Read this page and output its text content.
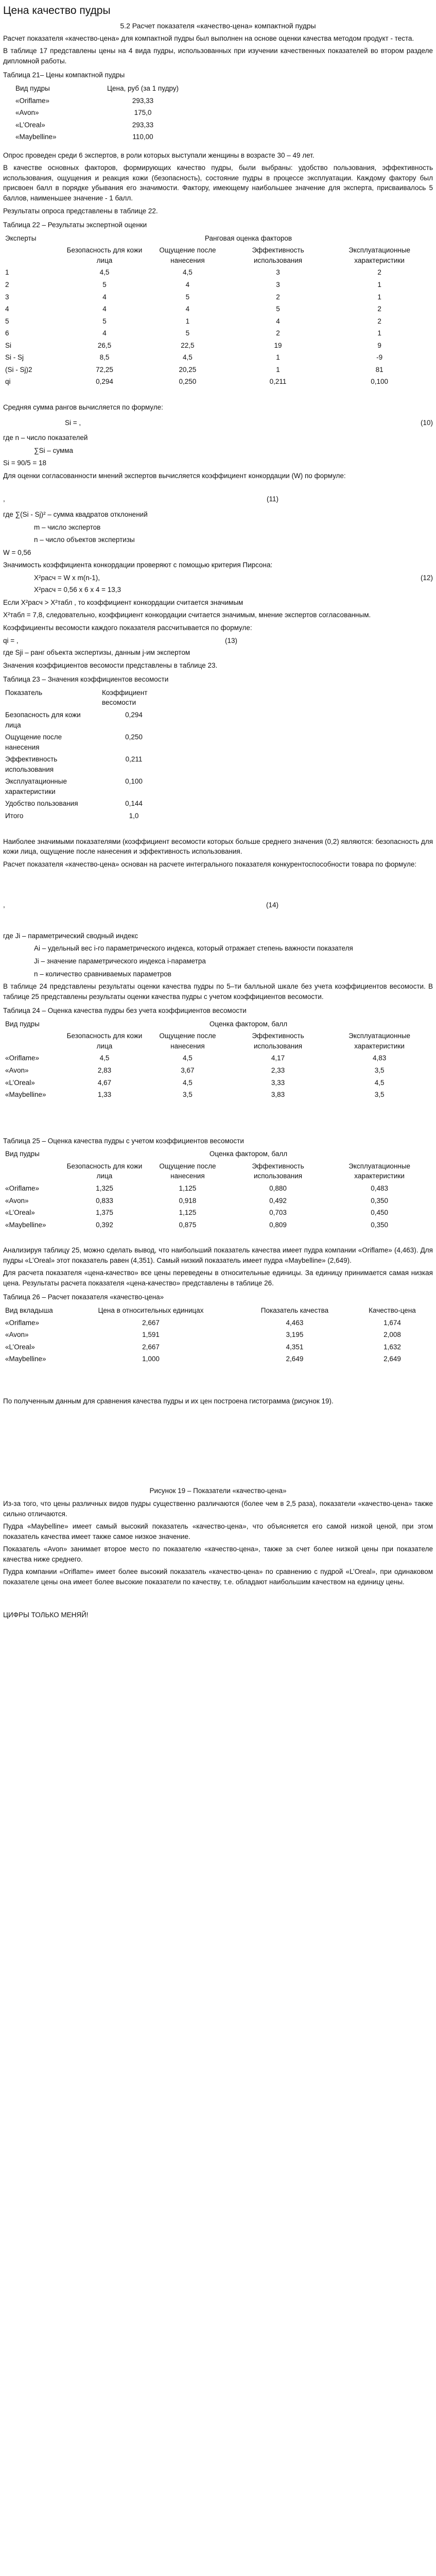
Цена качество пудры
5.2 Расчет показателя «качество-цена» компактной пудры

Расчет показателя «качество-цена» для компактной пудры был выполнен на основе оценки качества методом продукт - теста.

В таблице 17 представлены цены на 4 вида пудры, использованных при изучении качественных показателей во втором разделе дипломной работы.

Таблица 21– Цены компактной пудры

Вид пудры	Цена, руб (за 1 пудру)
«Oriflame»	293,33
«Avon»	175,0
«L’Oreal»	293,33
«Maybelline»	110,00

Опрос проведен среди 6 экспертов, в роли которых выступали женщины в возрасте 30 – 49 лет.

В качестве основных факторов, формирующих качество пудры, были выбраны: удобство пользования, эффективность использования, ощущения и реакция кожи (безопасность), состояние пудры в процессе эксплуатации. Каждому фактору был присвоен балл в порядке убывания его значимости. Фактору, имеющему наибольшее значение для эксперта, присваивалось 5 баллов, наименьшее значение - 1 балл.

Результаты опроса представлены в таблице 22.

Таблица 22 – Результаты экспертной оценки

Эксперты	Ранговая оценка факторов			
	Безопасность для кожи лица	Ощущение после нанесения	Эффективность использования	Эксплуатационные характеристики
1	4,5	4,5	3	2
2	5	4	3	1
3	4	5	2	1
4	4	4	5	2
5	5	1	4	2
6	4	5	2	1
Si	26,5	22,5	19	9
Si - Sj	8,5	4,5	1	-9
(Si - Sj)2	72,25	20,25	1	81
qi	0,294	0,250	0,211	0,100

Средняя сумма рангов вычисляется по формуле:

Si = ,	(10)

где n – число показателей

∑Si – сумма

Si = 90/5 = 18

Для оценки согласованности мнений экспертов вычисляется коэффициент конкордации (W) по формуле:

,	(11)

где ∑(Si - Sj)² – сумма квадратов отклонений

m – число экспертов

n – число объектов экспертизы

W = 0,56

Значимость коэффициента конкордации проверяют с помощью критерия Пирсона:

X²расч = W x m(n-1),	(12)

X²расч = 0,56 x 6 x 4 = 13,3

Если X²расч > X²табл , то коэффициент конкордации считается значимым

X²табл = 7,8, следовательно, коэффициент конкордации считается значимым, мнение экспертов согласованным.

Коэффициенты весомости каждого показателя рассчитывается по формуле:

qi = ,	(13)

где Sji – ранг объекта экспертизы, данным j-им экспертом

Значения коэффициентов весомости представлены в таблице 23.

Таблица 23 – Значения коэффициентов весомости

Показатель	Коэффициент весомости
Безопасность для кожи лица	0,294
Ощущение после нанесения	0,250
Эффективность использования	0,211
Эксплуатационные характеристики	0,100
Удобство пользования	0,144
Итого	1,0

Наиболее значимыми показателями (коэффициент весомости которых больше среднего значения (0,2) являются: безопасность для кожи лица, ощущение после нанесения и эффективность использования.

Расчет показателя «качество-цена» основан на расчете интегрального показателя конкурентоспособности товара по формуле:

,	(14)

где Ji – параметрический сводный индекс

Ai – удельный вес i-го параметрического индекса, который отражает степень важности показателя

Ji – значение параметрического индекса i-параметра

n – количество сравниваемых параметров

В таблице 24 представлены результаты оценки качества пудры по 5–ти балльной шкале без учета коэффициентов весомости. В таблице 25 представлены результаты оценки качества пудры с учетом коэффициентов весомости.

Таблица 24 – Оценка качества пудры без учета коэффициентов весомости

Вид пудры	Оценка фактором, балл			
	Безопасность для кожи лица	Ощущение после нанесения	Эффективность использования	Эксплуатационные характеристики
«Oriflame»	4,5	4,5	4,17	4,83
«Avon»	2,83	3,67	2,33	3,5
«L’Oreal»	4,67	4,5	3,33	4,5
«Maybelline»	1,33	3,5	3,83	3,5

Таблица 25 – Оценка качества пудры с учетом коэффициентов весомости

Вид пудры	Оценка фактором, балл			
	Безопасность для кожи лица	Ощущение после нанесения	Эффективность использования	Эксплуатационные характеристики
«Oriflame»	1,325	1,125	0,880	0,483
«Avon»	0,833	0,918	0,492	0,350
«L’Oreal»	1,375	1,125	0,703	0,450
«Maybelline»	0,392	0,875	0,809	0,350

Анализируя таблицу 25, можно сделать вывод, что наибольший показатель качества имеет пудра компании «Oriflame» (4,463). Для пудры «L’Oreal» этот показатель равен (4,351). Самый низкий показатель имеет пудра «Maybelline» (2,649).

Для расчета показателя «цена-качество» все цены переведены в относительные единицы. За единицу принимается самая низкая цена. Результаты расчета показателя «цена-качество» представлены в таблице 26.

Таблица 26 – Расчет показателя «качество-цена»

Вид вкладыша	Цена в относительных единицах	Показатель качества	Качество-цена
«Oriflame»	2,667	4,463	1,674
«Avon»	1,591	3,195	2,008
«L’Oreal»	2,667	4,351	1,632
«Maybelline»	1,000	2,649	2,649

По полученным данным для сравнения качества пудры и их цен построена гистограмма (рисунок 19).

Рисунок 19 – Показатели «качество-цена»

Из-за того, что цены различных видов пудры существенно различаются (более чем в 2,5 раза), показатели «качество-цена» также сильно отличаются.

Пудра «Maybelline» имеет самый высокий показатель «качество-цена», что объясняется его самой низкой ценой, при этом показатель качества имеет также самое низкое значение.

Показатель «Avon» занимает второе место по показателю «качество-цена», также за счет более низкой цены при показателе качества ниже среднего.

Пудра компании «Oriflame» имеет более высокий показатель «качество-цена» по сравнению с пудрой «L’Oreal», при одинаковом показателе цены она имеет более высокие показатели по качеству, т.е. обладают наибольшим качеством на единицу цены.

ЦИФРЫ ТОЛЬКО МЕНЯЙ!
